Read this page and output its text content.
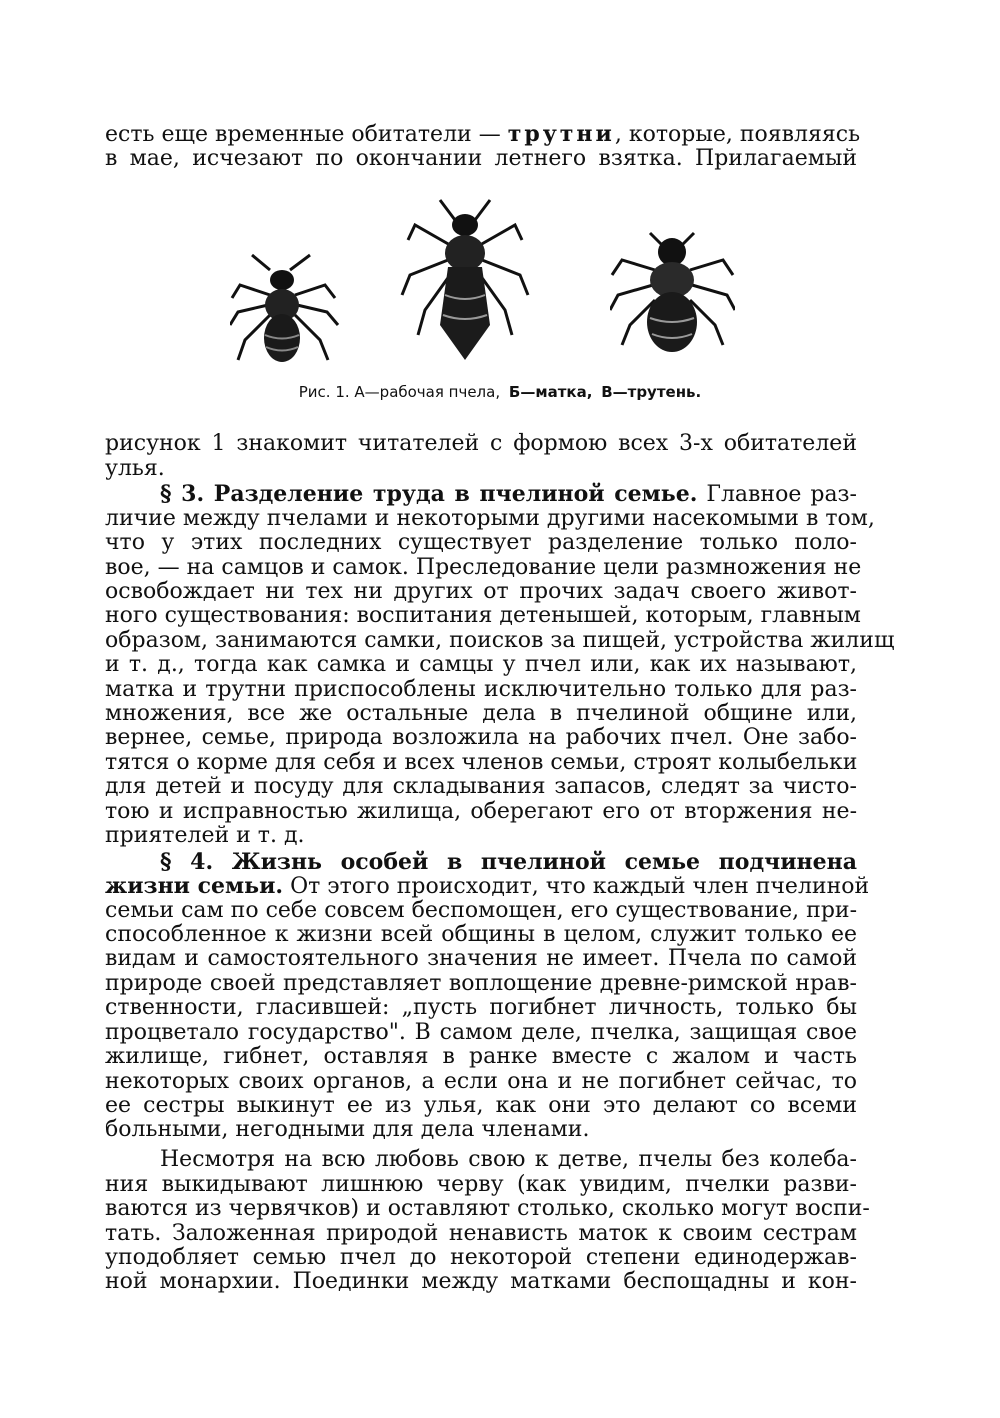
есть еще временные обитатели — трутни, которые, появляясь
в мае, исчезают по окончании летнего взятка. Прилагаемый
Рис. 1. А—рабочая пчела, Б—матка, В—трутень.
рисунок 1 знакомит читателей с формою всех 3-х обитателей
улья.
§ 3. Разделение труда в пчелиной семье. Главное раз-
личие между пчелами и некоторыми другими насекомыми в том,
что у этих последних существует разделение только поло-
вое, — на самцов и самок. Преследование цели размножения не
освобождает ни тех ни других от прочих задач своего живот-
ного существования: воспитания детенышей, которым, главным
образом, занимаются самки, поисков за пищей, устройства жилищ
и т. д., тогда как самка и самцы у пчел или, как их называют,
матка и трутни приспособлены исключительно только для раз-
множения, все же остальные дела в пчелиной общине или,
вернее, семье, природа возложила на рабочих пчел. Оне забо-
тятся о корме для себя и всех членов семьи, строят колыбельки
для детей и посуду для складывания запасов, следят за чисто-
тою и исправностью жилища, оберегают его от вторжения не-
приятелей и т. д.
§ 4. Жизнь особей в пчелиной семье подчинена
жизни семьи. От этого происходит, что каждый член пчелиной
семьи сам по себе совсем беспомощен, его существование, при-
способленное к жизни всей общины в целом, служит только ее
видам и самостоятельного значения не имеет. Пчела по самой
природе своей представляет воплощение древне-римской нрав-
ственности, гласившей: „пусть погибнет личность, только бы
процветало государство". В самом деле, пчелка, защищая свое
жилище, гибнет, оставляя в ранке вместе с жалом и часть
некоторых своих органов, а если она и не погибнет сейчас, то
ее сестры выкинут ее из улья, как они это делают со всеми
больными, негодными для дела членами.
Несмотря на всю любовь свою к детве, пчелы без колеба-
ния выкидывают лишнюю черву (как увидим, пчелки разви-
ваются из червячков) и оставляют столько, сколько могут воспи-
тать. Заложенная природой ненависть маток к своим сестрам
уподобляет семью пчел до некоторой степени единодержав-
ной монархии. Поединки между матками беспощадны и кон-
